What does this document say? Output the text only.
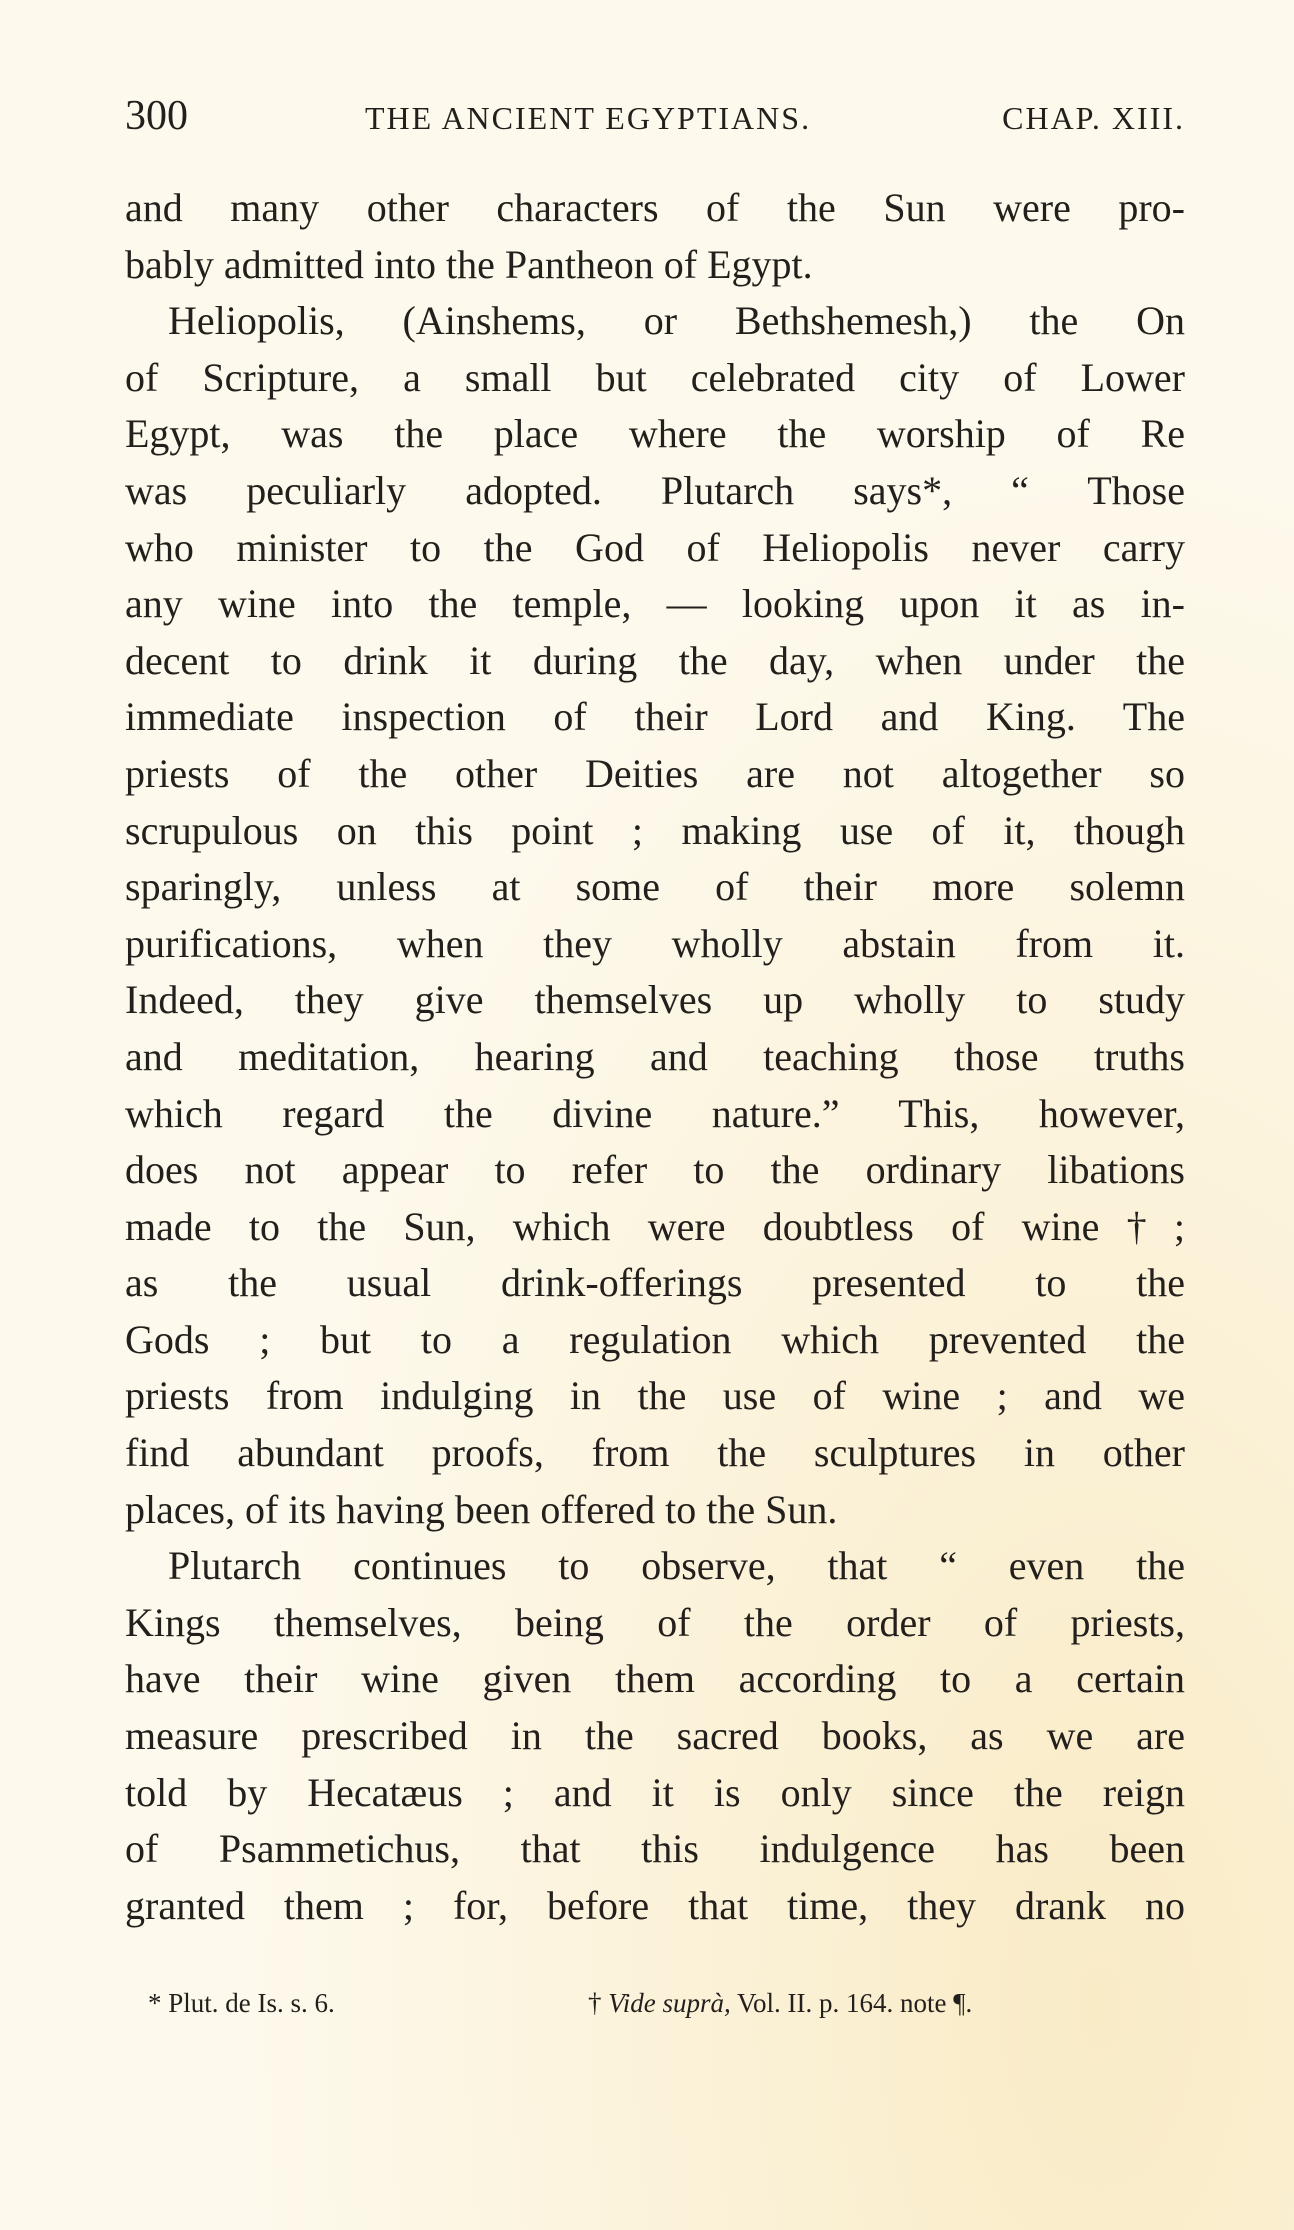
300	THE ANCIENT EGYPTIANS.	CHAP. XIII.
and many other characters of the Sun were pro-
bably admitted into the Pantheon of Egypt.
Heliopolis, (Ainshems, or Bethshemesh,) the On
of Scripture, a small but celebrated city of Lower
Egypt, was the place where the worship of Re
was peculiarly adopted. Plutarch says*, “ Those
who minister to the God of Heliopolis never carry
any wine into the temple, — looking upon it as in-
decent to drink it during the day, when under the
immediate inspection of their Lord and King. The
priests of the other Deities are not altogether so
scrupulous on this point ; making use of it, though
sparingly, unless at some of their more solemn
purifications, when they wholly abstain from it.
Indeed, they give themselves up wholly to study
and meditation, hearing and teaching those truths
which regard the divine nature.” This, however,
does not appear to refer to the ordinary libations
made to the Sun, which were doubtless of wine†;
as the usual drink-offerings presented to the
Gods ; but to a regulation which prevented the
priests from indulging in the use of wine ; and we
find abundant proofs, from the sculptures in other
places, of its having been offered to the Sun.
Plutarch continues to observe, that “ even the
Kings themselves, being of the order of priests,
have their wine given them according to a certain
measure prescribed in the sacred books, as we are
told by Hecatæus ; and it is only since the reign
of Psammetichus, that this indulgence has been
granted them ; for, before that time, they drank no
* Plut. de Is. s. 6.	† Vide suprà, Vol. II. p. 164. note ¶.
